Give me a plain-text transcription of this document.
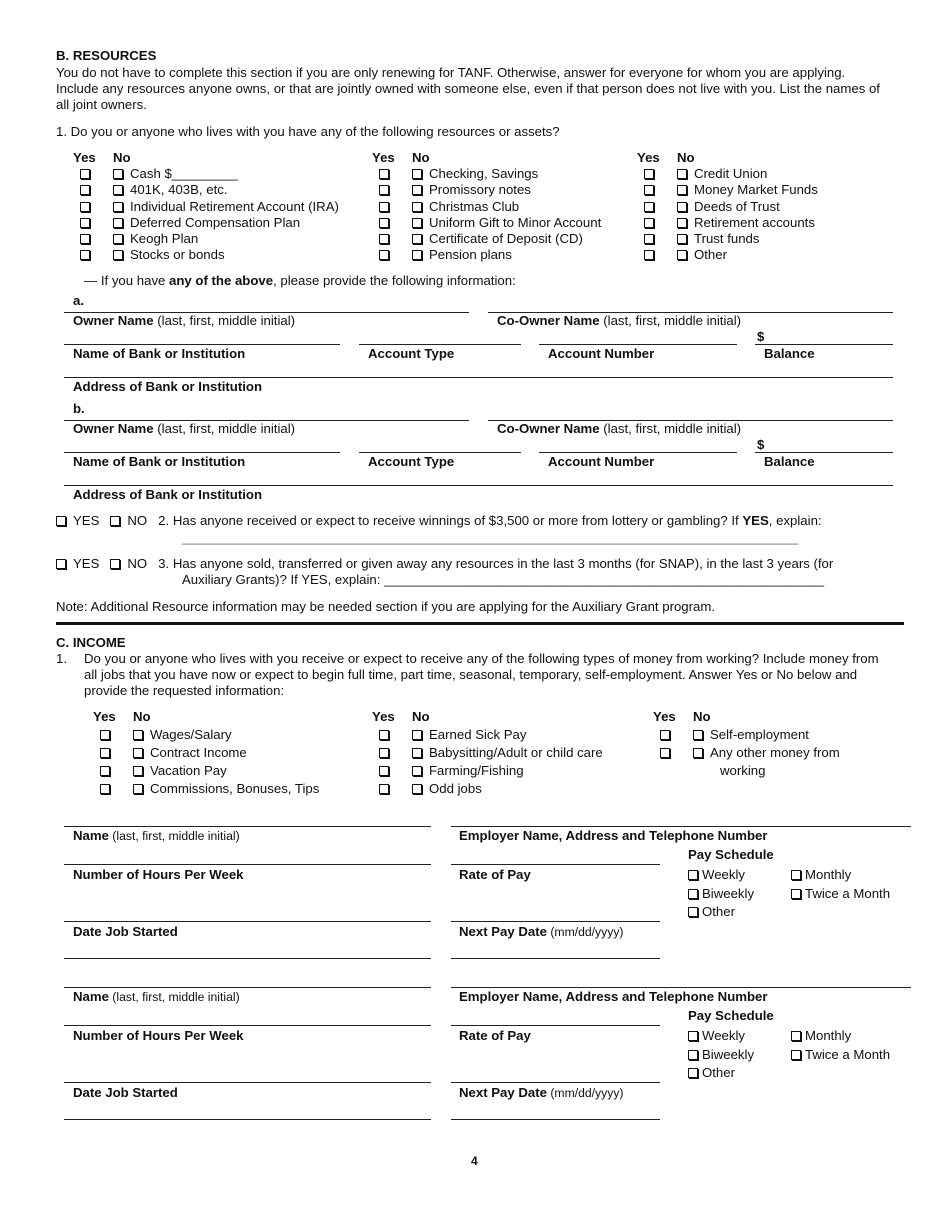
B. RESOURCES
You do not have to complete this section if you are only renewing for TANF. Otherwise, answer for everyone for whom you are applying. Include any resources anyone owns, or that are jointly owned with someone else, even if that person does not live with you. List the names of all joint owners.
1. Do you or anyone who lives with you have any of the following resources or assets?
Yes No
Cash $_________
401K, 403B, etc.
Individual Retirement Account (IRA)
Deferred Compensation Plan
Keogh Plan
Stocks or bonds
Yes No
Checking, Savings
Promissory notes
Christmas Club
Uniform Gift to Minor Account
Certificate of Deposit (CD)
Pension plans
Yes No
Credit Union
Money Market Funds
Deeds of Trust
Retirement accounts
Trust funds
Other
— If you have any of the above, please provide the following information:
a.
Owner Name (last, first, middle initial)	Co-Owner Name (last, first, middle initial)
$
Name of Bank or Institution	Account Type	Account Number	Balance
Address of Bank or Institution
b.
Owner Name (last, first, middle initial)	Co-Owner Name (last, first, middle initial)
$
Name of Bank or Institution	Account Type	Account Number	Balance
Address of Bank or Institution
YES NO 2. Has anyone received or expect to receive winnings of $3,500 or more from lottery or gambling? If YES, explain:
____________________________________________________________________________________
YES NO 3. Has anyone sold, transferred or given away any resources in the last 3 months (for SNAP), in the last 3 years (for
Auxiliary Grants)? If YES, explain: ____________________________________________________________
Note: Additional Resource information may be needed section if you are applying for the Auxiliary Grant program.
C. INCOME
1. Do you or anyone who lives with you receive or expect to receive any of the following types of money from working? Include money from all jobs that you have now or expect to begin full time, part time, seasonal, temporary, self-employment. Answer Yes or No below and provide the requested information:
Yes No
Wages/Salary
Contract Income
Vacation Pay
Commissions, Bonuses, Tips
Yes No
Earned Sick Pay
Babysitting/Adult or child care
Farming/Fishing
Odd jobs
Yes No
Self-employment
Any other money from
working
Name (last, first, middle initial)	Employer Name, Address and Telephone Number
Pay Schedule
Number of Hours Per Week	Rate of Pay	Weekly	Monthly
Biweekly	Twice a Month
Other
Date Job Started	Next Pay Date (mm/dd/yyyy)
Name (last, first, middle initial)	Employer Name, Address and Telephone Number
Pay Schedule
Number of Hours Per Week	Rate of Pay	Weekly	Monthly
Biweekly	Twice a Month
Other
Date Job Started	Next Pay Date (mm/dd/yyyy)
4
